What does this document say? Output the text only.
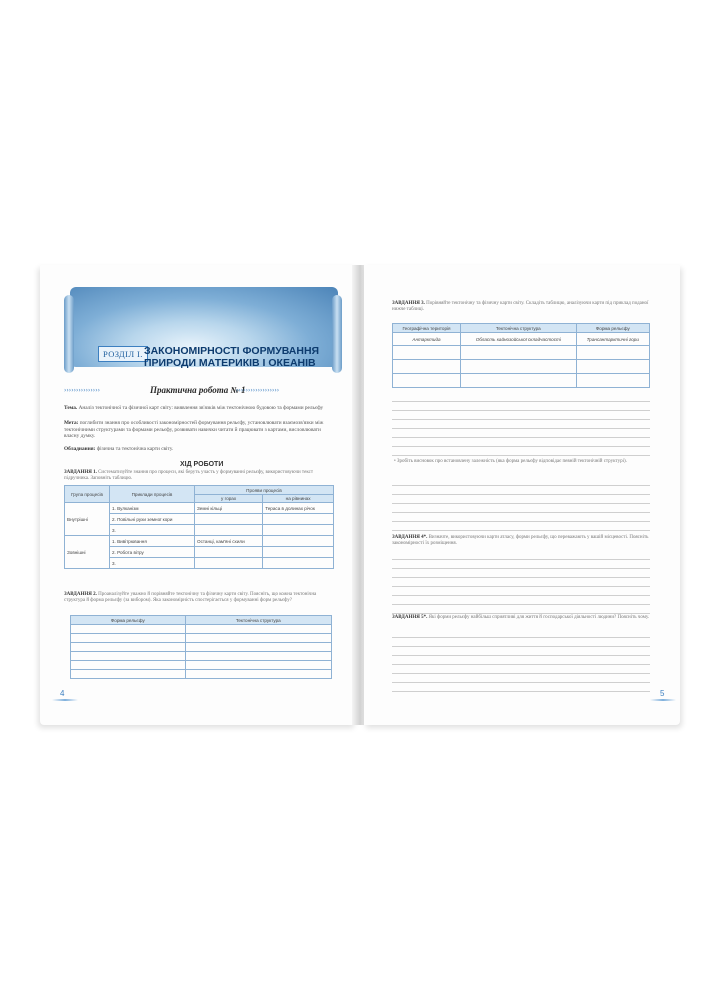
РОЗДІЛ І. ЗАКОНОМІРНОСТІ ФОРМУВАННЯ ПРИРОДИ МАТЕРИКІВ І ОКЕАНІВ
›››››››››››››››	Практична робота № 1
››››››››››››››››››
Тема. Аналіз тектонічної та фізичної карт світу: виявлення зв'язків між тектонічною будовою та формами рельєфу
Мета: поглибити знання про особливості закономірностей формування рельєфу, установлювати взаємозв'язки між тектонічними структурами та формами рельєфу, розвивати навички читати й працювати з картами, висловлювати власну думку.
Обладнання: фізична та тектонічна карти світу.
ХІД РОБОТИ
ЗАВДАННЯ 1. Систематизуйте знання про процеси, які беруть участь у формуванні рельєфу, використовуючи текст підручника. Заповніть таблицю.
Група процесів	Приклади процесів	Прояви процесів	
		у горах	на рівнинах
Внутрішні	1. Вулканізм	Земні кільці	Тераса в долинах річок
	2. Повільні рухи земної кори		
	3.		
Зовнішні	1. Вивітрювання	Останці, кам'яні схили	
	2. Робота вітру		
	3.		
ЗАВДАННЯ 2. Проаналізуйте уважно й порівняйте тектонічну та фізичну карти світу. Поясніть, що кожна тектонічна структура й форма рельєфу (за вибором). Яка закономірність спостерігається у формуванні форм рельєфу?
Форма рельєфу	Тектонічна структура

4
ЗАВДАННЯ 3. Порівняйте тектонічну та фізичну карти світу. Складіть таблицю, аналізуючи карти під приклад поданої нижче таблиці.
Географічна територія	Тектонічна структура	Форма рельєфу
Антарктида	Область кайнозойської складчастості	Трансантарктичні гори

• Зробіть висновок про встановлену залежність (яка форма рельєфу відповідає певній тектонічній структурі).
ЗАВДАННЯ 4*. Визначте, використовуючи карти атласу, форми рельєфу, що переважають у вашій місцевості. Поясніть закономірності їх розміщення.
ЗАВДАННЯ 5*. Які форми рельєфу найбільш сприятливі для життя й господарської діяльності людини? Поясніть чому.
5
